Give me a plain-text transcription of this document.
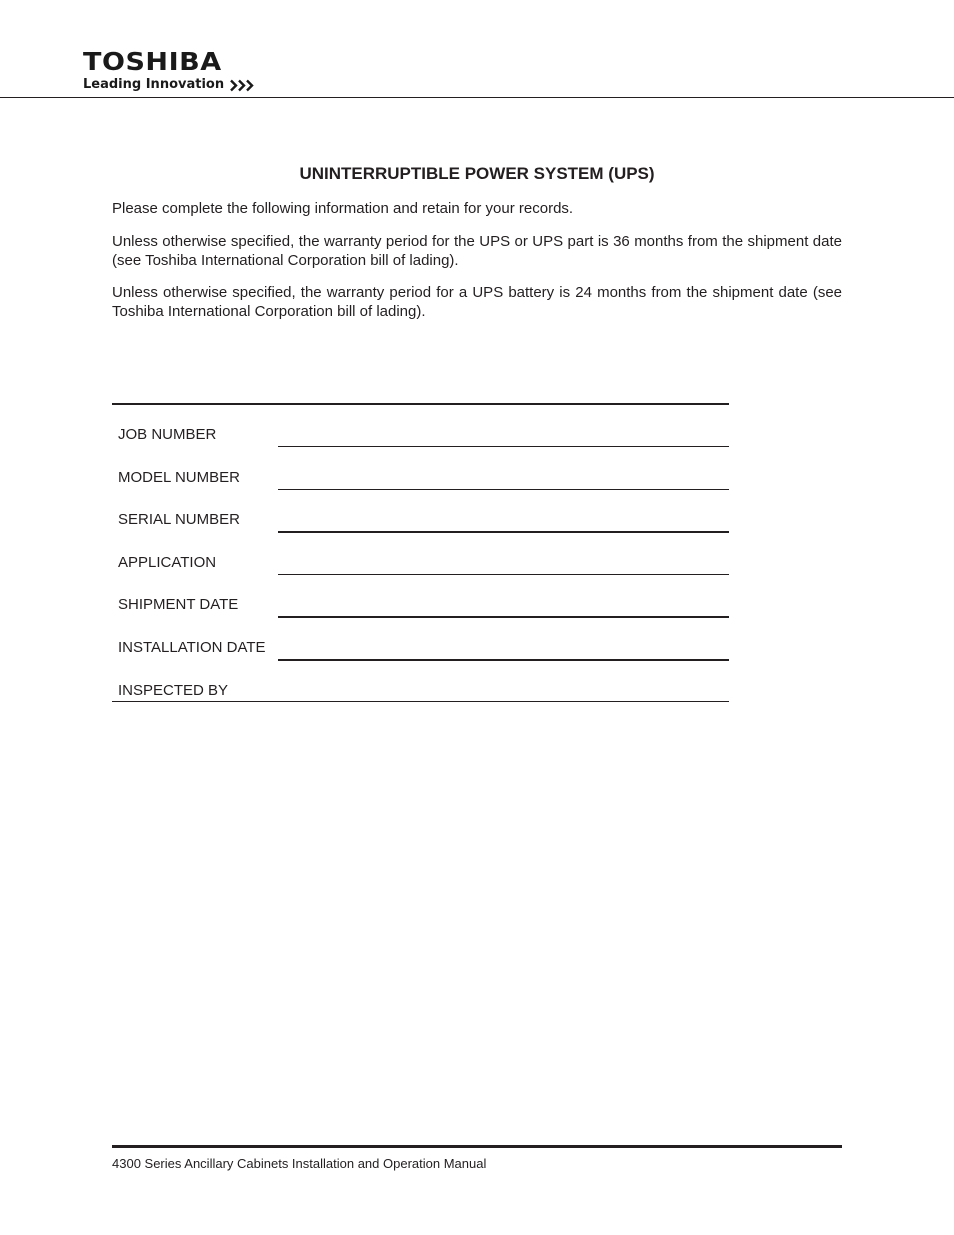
TOSHIBA
Leading Innovation
UNINTERRUPTIBLE POWER SYSTEM (UPS)

Please complete the following information and retain for your records.

Unless otherwise specified, the warranty period for the UPS or UPS part is 36 months from the shipment date (see Toshiba International Corporation bill of lading).

Unless otherwise specified, the warranty period for a UPS battery is 24 months from the shipment date (see Toshiba International Corporation bill of lading).

JOB NUMBER
MODEL NUMBER
SERIAL NUMBER
APPLICATION
SHIPMENT DATE
INSTALLATION DATE
INSPECTED BY
4300 Series Ancillary Cabinets Installation and Operation Manual
